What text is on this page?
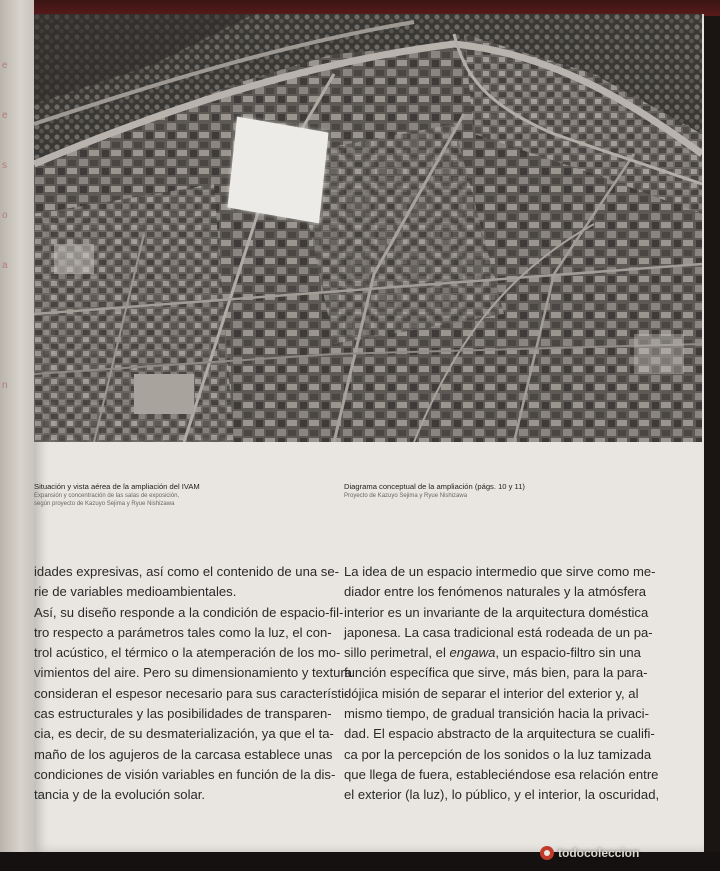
e
e
s
o
a
n
Situación y vista aérea de la ampliación del IVAM
Expansión y concentración de las salas de exposición,
según proyecto de Kazuyo Sejima y Ryue Nishizawa
Diagrama conceptual de la ampliación (págs. 10 y 11)
Proyecto de Kazuyo Sejima y Ryue Nishizawa
idades expresivas, así como el contenido de una se-
rie de variables medioambientales.
Así, su diseño responde a la condición de espacio-fil-
tro respecto a parámetros tales como la luz, el con-
trol acústico, el térmico o la atemperación de los mo-
vimientos del aire. Pero su dimensionamiento y textura
consideran el espesor necesario para sus característi-
cas estructurales y las posibilidades de transparen-
cia, es decir, de su desmaterialización, ya que el ta-
maño de los agujeros de la carcasa establece unas
condiciones de visión variables en función de la dis-
tancia y de la evolución solar.
La idea de un espacio intermedio que sirve como me-
diador entre los fenómenos naturales y la atmósfera
interior es un invariante de la arquitectura doméstica
japonesa. La casa tradicional está rodeada de un pa-
sillo perimetral, el engawa, un espacio-filtro sin una
función específica que sirve, más bien, para la para-
dójica misión de separar el interior del exterior y, al
mismo tiempo, de gradual transición hacia la privaci-
dad. El espacio abstracto de la arquitectura se cualifi-
ca por la percepción de los sonidos o la luz tamizada
que llega de fuera, estableciéndose esa relación entre
el exterior (la luz), lo público, y el interior, la oscuridad,
todocoleccion
